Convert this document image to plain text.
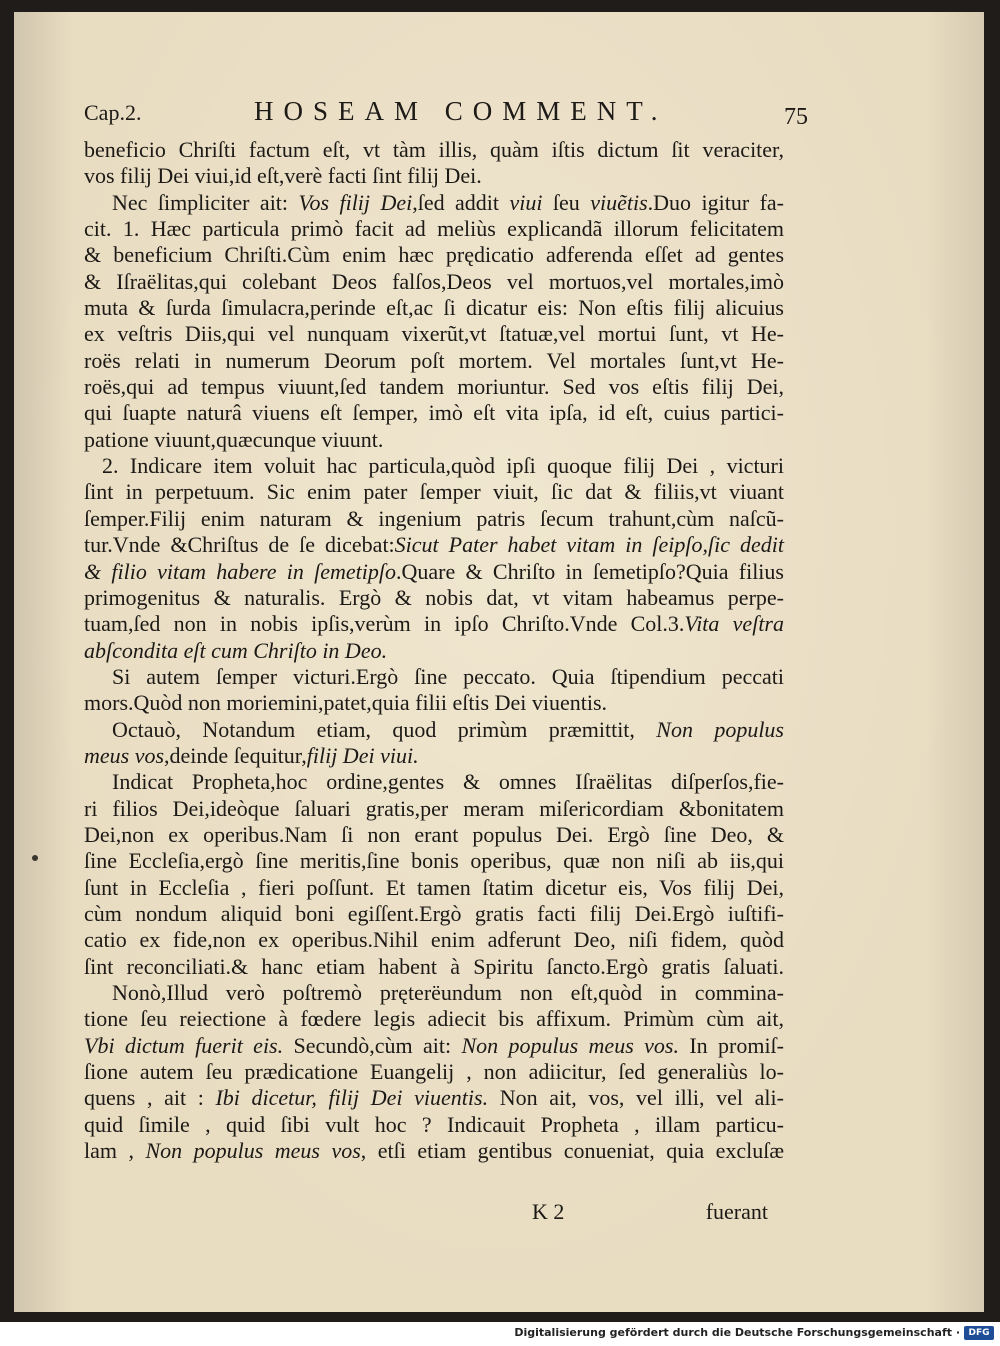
Cap.2.	HOSEAM COMMENT.	75
beneficio Chriſti factum eſt, vt tàm illis, quàm iſtis dictum ſit veraciter,
vos filij Dei viui,id eſt,verè facti ſint filij Dei.
Nec ſimpliciter ait: Vos filij Dei,ſed addit viui ſeu viuẽtis.Duo igitur fa-
cit. 1. Hæc particula primò facit ad meliùs explicandã illorum felicitatem
& beneficium Chriſti.Cùm enim hæc prędicatio adferenda eſſet ad gentes
& Iſraëlitas,qui colebant Deos falſos,Deos vel mortuos,vel mortales,imò
muta & ſurda ſimulacra,perinde eſt,ac ſi dicatur eis: Non eſtis filij alicuius
ex veſtris Diis,qui vel nunquam vixerũt,vt ſtatuæ,vel mortui ſunt, vt He-
roës relati in numerum Deorum poſt mortem. Vel mortales ſunt,vt He-
roës,qui ad tempus viuunt,ſed tandem moriuntur. Sed vos eſtis filij Dei,
qui ſuapte naturâ viuens eſt ſemper, imò eſt vita ipſa, id eſt, cuius partici-
patione viuunt,quæcunque viuunt.
2. Indicare item voluit hac particula,quòd ipſi quoque filij Dei , victuri
ſint in perpetuum. Sic enim pater ſemper viuit, ſic dat & filiis,vt viuant
ſemper.Filij enim naturam & ingenium patris ſecum trahunt,cùm naſcũ-
tur.Vnde &Chriſtus de ſe dicebat:Sicut Pater habet vitam in ſeipſo,ſic dedit
& filio vitam habere in ſemetipſo.Quare & Chriſto in ſemetipſo?Quia filius
primogenitus & naturalis. Ergò & nobis dat, vt vitam habeamus perpe-
tuam,ſed non in nobis ipſis,verùm in ipſo Chriſto.Vnde Col.3.Vita veſtra
abſcondita eſt cum Chriſto in Deo.
Si autem ſemper victuri.Ergò ſine peccato. Quia ſtipendium peccati
mors.Quòd non moriemini,patet,quia filii eſtis Dei viuentis.
Octauò, Notandum etiam, quod primùm præmittit, Non populus
meus vos,deinde ſequitur,filij Dei viui.
Indicat Propheta,hoc ordine,gentes & omnes Iſraëlitas diſperſos,fie-
ri filios Dei,ideòque ſaluari gratis,per meram miſericordiam &bonitatem
Dei,non ex operibus.Nam ſi non erant populus Dei. Ergò ſine Deo, &
ſine Eccleſia,ergò ſine meritis,ſine bonis operibus, quæ non niſi ab iis,qui
ſunt in Eccleſia , fieri poſſunt. Et tamen ſtatim dicetur eis, Vos filij Dei,
cùm nondum aliquid boni egiſſent.Ergò gratis facti filij Dei.Ergò iuſtifi-
catio ex fide,non ex operibus.Nihil enim adferunt Deo, niſi fidem, quòd
ſint reconciliati.& hanc etiam habent à Spiritu ſancto.Ergò gratis ſaluati.
Nonò,Illud verò poſtremò pręterëundum non eſt,quòd in commina-
tione ſeu reiectione à fœdere legis adiecit bis affixum. Primùm cùm ait,
Vbi dictum fuerit eis. Secundò,cùm ait: Non populus meus vos. In promiſ-
ſione autem ſeu prædicatione Euangelij , non adiicitur, ſed generaliùs lo-
quens , ait : Ibi dicetur, filij Dei viuentis. Non ait, vos, vel illi, vel ali-
quid ſimile , quid ſibi vult hoc ? Indicauit Propheta , illam particu-
lam , Non populus meus vos, etſi etiam gentibus conueniat, quia excluſæ
K 2	fuerant
Digitalisierung gefördert durch die Deutsche Forschungsgemeinschaft · DFG
